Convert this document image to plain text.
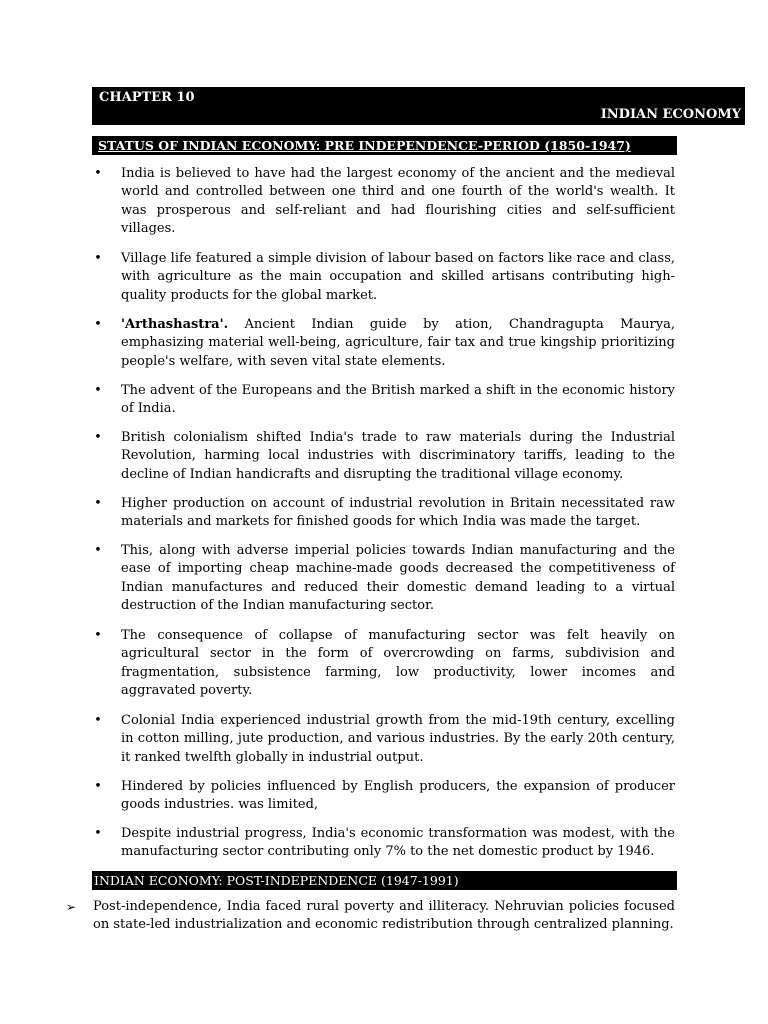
CHAPTER 10
INDIAN ECONOMY
STATUS OF INDIAN ECONOMY: PRE INDEPENDENCE-PERIOD (1850-1947)
• India is believed to have had the largest economy of the ancient and the medieval world and controlled between one third and one fourth of the world's wealth. It was prosperous and self-reliant and had flourishing cities and self-sufficient villages.
• Village life featured a simple division of labour based on factors like race and class, with agriculture as the main occupation and skilled artisans contributing high-quality products for the global market.
• 'Arthashastra'. Ancient Indian guide by ation, Chandragupta Maurya, emphasizing material well-being, agriculture, fair tax and true kingship prioritizing people's welfare, with seven vital state elements.
• The advent of the Europeans and the British marked a shift in the economic history of India.
• British colonialism shifted India's trade to raw materials during the Industrial Revolution, harming local industries with discriminatory tariffs, leading to the decline of Indian handicrafts and disrupting the traditional village economy.
• Higher production on account of industrial revolution in Britain necessitated raw materials and markets for finished goods for which India was made the target.
• This, along with adverse imperial policies towards Indian manufacturing and the ease of importing cheap machine-made goods decreased the competitiveness of Indian manufactures and reduced their domestic demand leading to a virtual destruction of the Indian manufacturing sector.
• The consequence of collapse of manufacturing sector was felt heavily on agricultural sector in the form of overcrowding on farms, subdivision and fragmentation, subsistence farming, low productivity, lower incomes and aggravated poverty.
• Colonial India experienced industrial growth from the mid-19th century, excelling in cotton milling, jute production, and various industries. By the early 20th century, it ranked twelfth globally in industrial output.
• Hindered by policies influenced by English producers, the expansion of producer goods industries. was limited,
• Despite industrial progress, India's economic transformation was modest, with the manufacturing sector contributing only 7% to the net domestic product by 1946.
INDIAN ECONOMY: POST-INDEPENDENCE (1947-1991)
➢ Post-independence, India faced rural poverty and illiteracy. Nehruvian policies focused on state-led industrialization and economic redistribution through centralized planning.
